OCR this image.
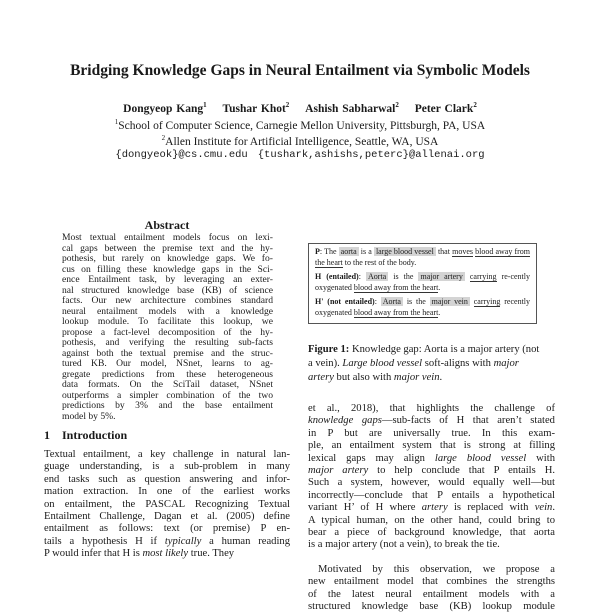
Bridging Knowledge Gaps in Neural Entailment via Symbolic Models
Dongyeop Kang$^1$ Tushar Khot$^2$ Ashish Sabharwal$^2$ Peter Clark$^2$
$^1$School of Computer Science, Carnegie Mellon University, Pittsburgh, PA, USA
$^2$Allen Institute for Artificial Intelligence, Seattle, WA, USA
{dongyeok}@cs.cmu.edu {tushark,ashishs,peterc}@allenai.org
Abstract
Most textual entailment models focus on lexi-
cal gaps between the premise text and the hy-
pothesis, but rarely on knowledge gaps. We fo-
cus on filling these knowledge gaps in the Sci-
ence Entailment task, by leveraging an exter-
nal structured knowledge base (KB) of science
facts. Our new architecture combines standard
neural entailment models with a knowledge
lookup module. To facilitate this lookup, we
propose a fact-level decomposition of the hy-
pothesis, and verifying the resulting sub-facts
against both the textual premise and the struc-
tured KB. Our model, NSnet, learns to ag-
gregate predictions from these heterogeneous
data formats. On the SciTail dataset, NSnet
outperforms a simpler combination of the two
predictions by 3% and the base entailment
model by 5%.
1 Introduction
Textual entailment, a key challenge in natural lan-
guage understanding, is a sub-problem in many
end tasks such as question answering and infor-
mation extraction. In one of the earliest works
on entailment, the PASCAL Recognizing Textual
Entailment Challenge, Dagan et al. (2005) define
entailment as follows: text (or premise) P en-
tails a hypothesis H if typically a human reading
P would infer that H is most likely true. They

P: The aorta is a large blood vessel that moves blood away from the heart to the rest of the body.

H (entailed): Aorta is the major artery carrying re-cently oxygenated blood away from the heart.

H' (not entailed): Aorta is the major vein carrying recently oxygenated blood away from the heart.

Figure 1: Knowledge gap: Aorta is a major artery (not a vein). Large blood vessel soft-aligns with major artery but also with major vein.
et al., 2018), that highlights the challenge of
knowledge gaps—sub-facts of H that aren’t stated
in P but are universally true. In this exam-
ple, an entailment system that is strong at filling
lexical gaps may align large blood vessel with
major artery to help conclude that P entails H.
Such a system, however, would equally well—but
incorrectly—conclude that P entails a hypothetical
variant H’ of H where artery is replaced with vein.
A typical human, on the other hand, could bring to
bear a piece of background knowledge, that aorta
is a major artery (not a vein), to break the tie.
Motivated by this observation, we propose a
new entailment model that combines the strengths
of the latest neural entailment models with a
structured knowledge base (KB) lookup module
